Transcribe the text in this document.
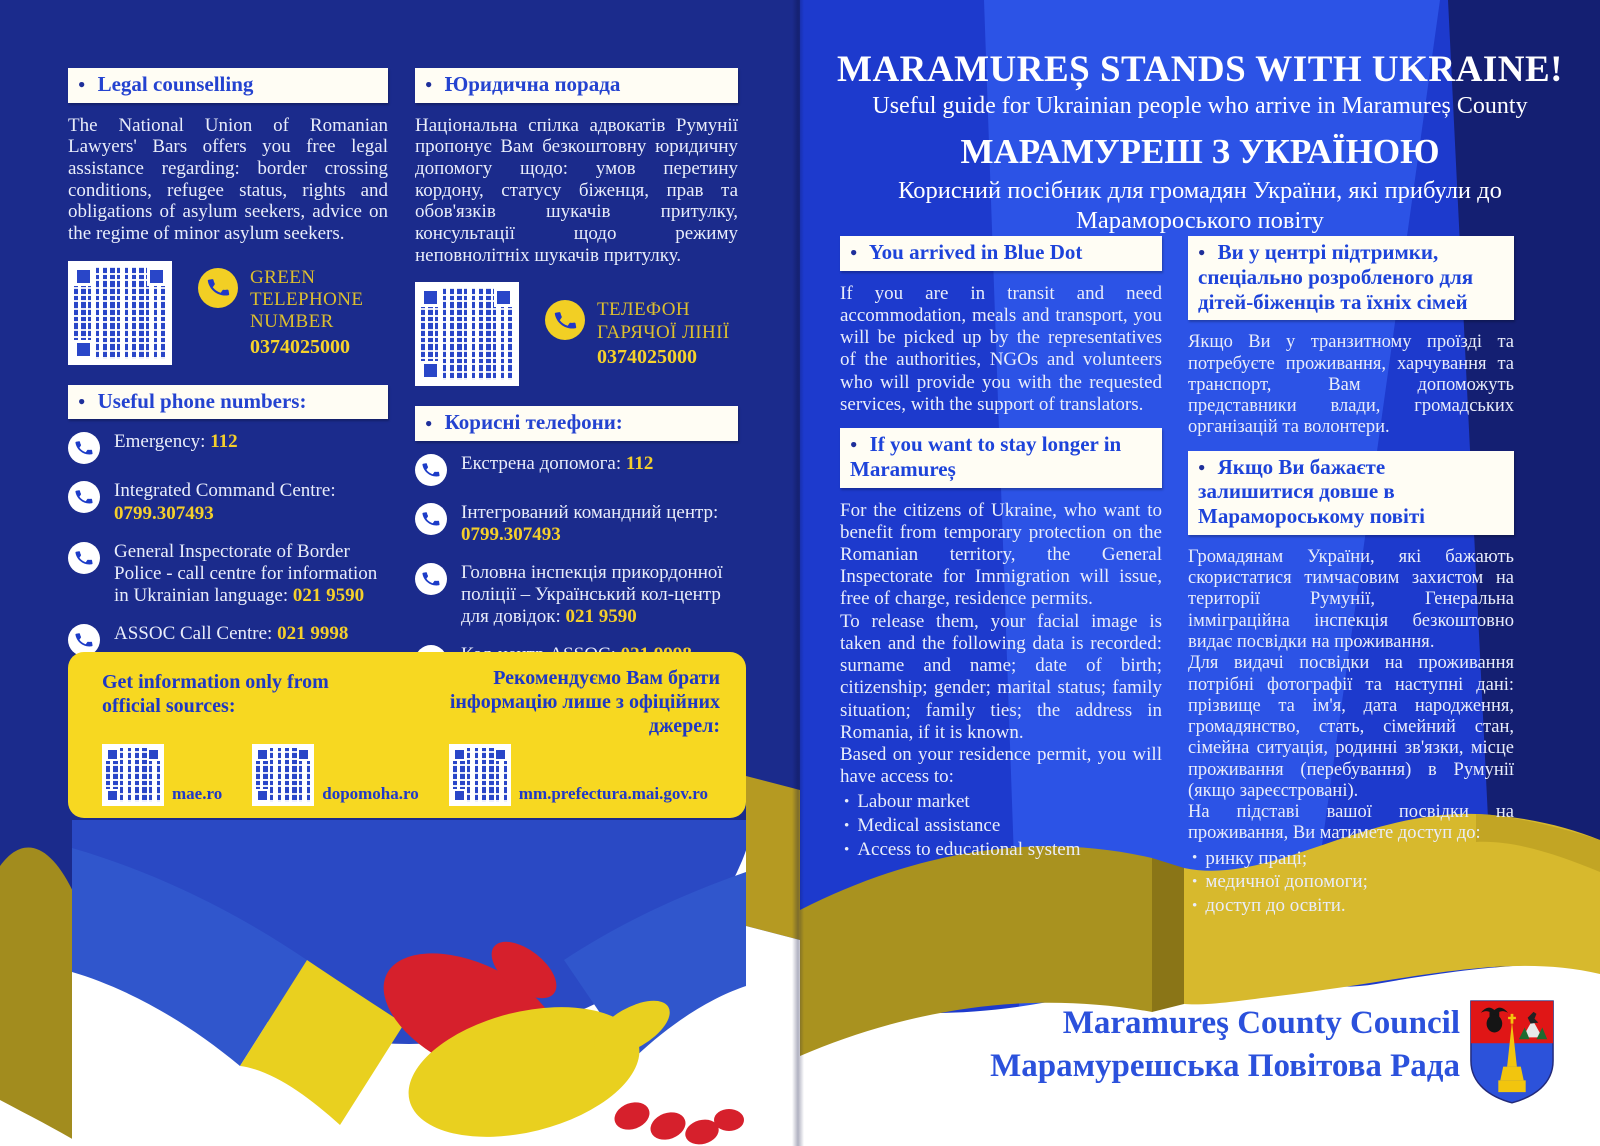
● Legal counselling

The National Union of Romanian Lawyers' Bars offers you free legal assistance regarding: border crossing conditions, refugee status, rights and obligations of asylum seekers, advice on the regime of minor asylum seekers.

GREEN TELEPHONE NUMBER
0374025000
● Useful phone numbers:

Emergency: 112

Integrated Command Centre: 0799.307493

General Inspectorate of Border Police - call centre for information in Ukrainian language: 021 9590

ASSOC Call Centre: 021 9998

● Юридична порада

Національна спілка адвокатів Румунії пропонує Вам безкоштовну юридичну допомогу щодо: умов перетину кордону, статусу біженця, прав та обов'язків шукачів притулку, консультації щодо режиму неповнолітніх шукачів притулку.

ТЕЛЕФОН ГАРЯЧОЇ ЛІНІЇ
0374025000
● Корисні телефони:

Екстрена допомога: 112

Інтегрований командний центр: 0799.307493

Головна інспекція прикордонної поліції – Український кол-центр для довідок: 021 9590

Get information only from official sources:

Рекомендуємо Вам брати інформацію лише з офіційних джерел:

mae.ro	dopomoha.ro	mm.prefectura.mai.gov.ro
MARAMUREȘ STANDS WITH UKRAINE!

Useful guide for Ukrainian people who arrive in Maramureș County

МАРАМУРЕШ З УКРАЇНОЮ

Корисний посібник для громадян України, які прибули до Марамороського повіту

● You arrived in Blue Dot

If you are in transit and need accommodation, meals and transport, you will be picked up by the representatives of the authorities, NGOs and volunteers who will provide you with the requested services, with the support of translators.

● If you want to stay longer in Maramureș

For the citizens of Ukraine, who want to benefit from temporary protection on the Romanian territory, the General Inspectorate for Immigration will issue, free of charge, residence permits.

To release them, your facial image is taken and the following data is recorded: surname and name; date of birth; citizenship; gender; marital status; family situation; family ties; the address in Romania, if it is known.

Based on your residence permit, you will have access to:

• Labour market
• Medical assistance
• Access to educational system
● Ви у центрі підтримки, спеціально розробленого для дітей-біженців та їхніх сімей

Якщо Ви у транзитному проїзді та потребуєте проживання, харчування та транспорт, Вам допоможуть представники влади, громадських організацій та волонтери.

● Якщо Ви бажаєте залишитися довше в Марамороському повіті

Громадянам України, які бажають скористатися тимчасовим захистом на території Румунії, Генеральна імміграційна інспекція безкоштовно видає посвідки на проживання.

Для видачі посвідки на проживання потрібні фотографії та наступні дані: прізвище та ім'я, дата народження, громадянство, стать, сімейний стан, сімейна ситуація, родинні зв'язки, місце проживання (перебування) в Румунії (якщо зареєстровані).

На підставі вашої посвідки на проживання, Ви матимете доступ до:

• ринку праці;
• медичної допомоги;
• доступ до освіти.
Maramureş County Council
Марамурешська Повітова Рада
